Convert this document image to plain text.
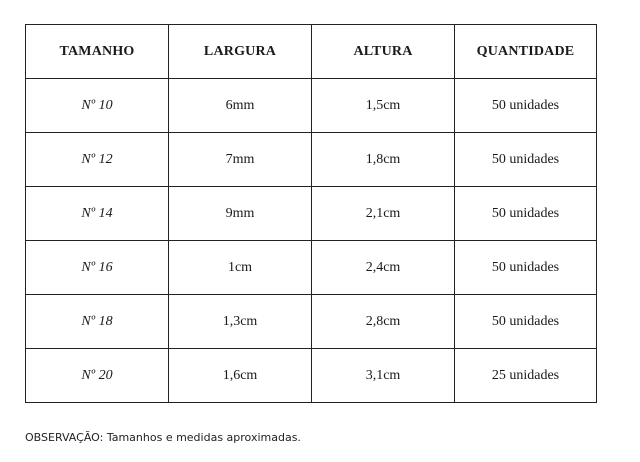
TAMANHO	LARGURA	ALTURA	QUANTIDADE
Nº 10	6mm	1,5cm	50 unidades
Nº 12	7mm	1,8cm	50 unidades
Nº 14	9mm	2,1cm	50 unidades
Nº 16	1cm	2,4cm	50 unidades
Nº 18	1,3cm	2,8cm	50 unidades
Nº 20	1,6cm	3,1cm	25 unidades
OBSERVAÇÃO: Tamanhos e medidas aproximadas.
